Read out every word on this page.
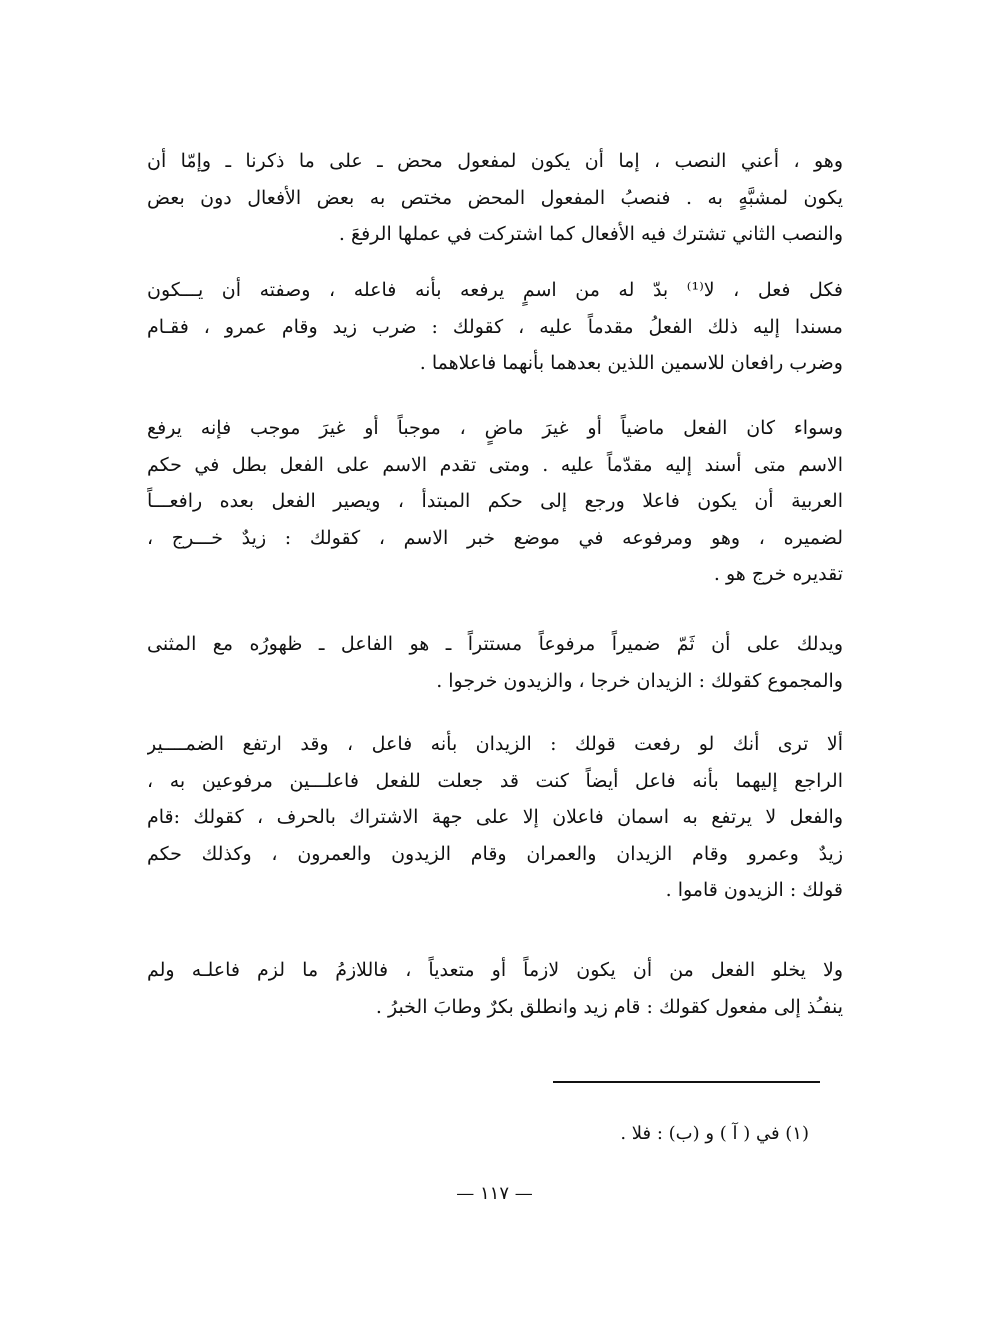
وهو ، أعني النصب ، إما أن يكون لمفعول محض ـ على ما ذكرنا ـ وإمّا أن
يكون لمشبَّهٍ به . فنصبُ المفعول المحض مختص به بعض الأفعال دون بعض
والنصب الثاني تشترك فيه الأفعال كما اشتركت في عملها الرفعَ .
فكل فعل ، لا⁽¹⁾ بدّ له من اسمٍ يرفعه بأنه فاعله ، وصفته أن يـــكون
مسندا إليه ذلك الفعلُ مقدماً عليه ، كقولك : ضرب زيد وقام عمرو ، فقـام
وضرب رافعان للاسمين اللذين بعدهما بأنهما فاعلاهما .
وسواء كان الفعل ماضياً أو غيرَ ماضٍ ، موجباً أو غيرَ موجب فإنه يرفع
الاسم متى أسند إليه مقدّماً عليه . ومتى تقدم الاسم على الفعل بطل في حكم
العربية أن يكون فاعلا ورجع إلى حكم المبتدأ ، ويصير الفعل بعده رافعـــاً
لضميره ، وهو ومرفوعه في موضع خبر الاسم ، كقولك : زيدٌ خـــرج ،
تقديره خرج هو .
ويدلك على أن ثَمّ ضميراً مرفوعاً مستتراً ـ هو الفاعل ـ ظهورُه مع المثنى
والمجموع كقولك : الزيدان خرجا ، والزيدون خرجوا .
ألا ترى أنك لو رفعت قولك : الزيدان بأنه فاعل ، وقد ارتفع الضمــــير
الراجع إليهما بأنه فاعل أيضاً كنت قد جعلت للفعل فاعلـــين مرفوعين به ،
والفعل لا يرتفع به اسمان فاعلان إلا على جهة الاشتراك بالحرف ، كقولك :قام
زيدٌ وعمرو وقام الزيدان والعمران وقام الزيدون والعمرون ، وكذلك حكم
قولك : الزيدون قاموا .
ولا يخلو الفعل من أن يكون لازماً أو متعدياً ، فاللازمُ ما لزم فاعلـه ولم
ينفـُذ إلى مفعول كقولك : قام زيد وانطلق بكرٌ وطابَ الخبرُ .
(١) في ( آ ) و (ب) : فلا .
— ١١٧ —
